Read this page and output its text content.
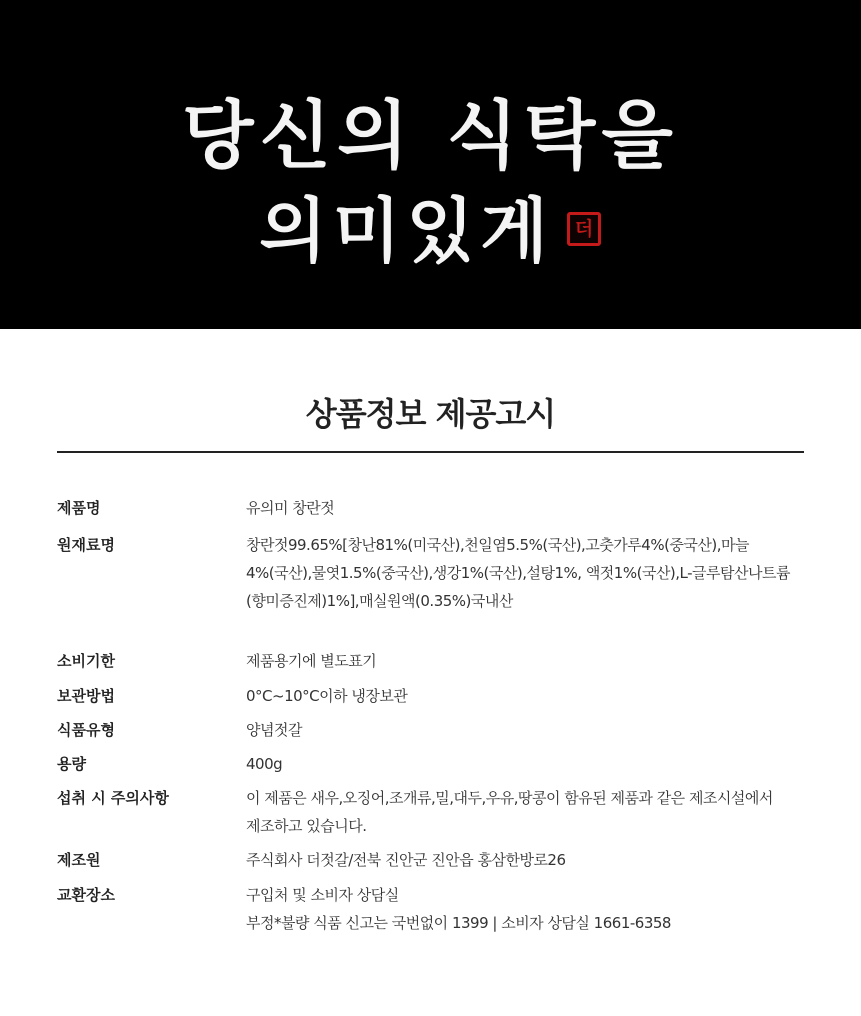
당신의 식탁을
의미있게	더
상품정보 제공고시
제품명	유의미 창란젓
원재료명	창란젓99.65%[창난81%(미국산),천일염5.5%(국산),고춧가루4%(중국산),마늘
4%(국산),물엿1.5%(중국산),생강1%(국산),설탕1%, 액젓1%(국산),L-글루탐산나트륨
(향미증진제)1%],매실원액(0.35%)국내산
소비기한	제품용기에 별도표기
보관방법	0°C~10°C이하 냉장보관
식품유형	양념젓갈
용량	400g
섭취 시 주의사항	이 제품은 새우,오징어,조개류,밀,대두,우유,땅콩이 함유된 제품과 같은 제조시설에서
제조하고 있습니다.
제조원	주식회사 더젓갈/전북 진안군 진안읍 홍삼한방로26
교환장소	구입처 및 소비자 상담실
부정*불량 식품 신고는 국번없이 1399 | 소비자 상담실 1661-6358
